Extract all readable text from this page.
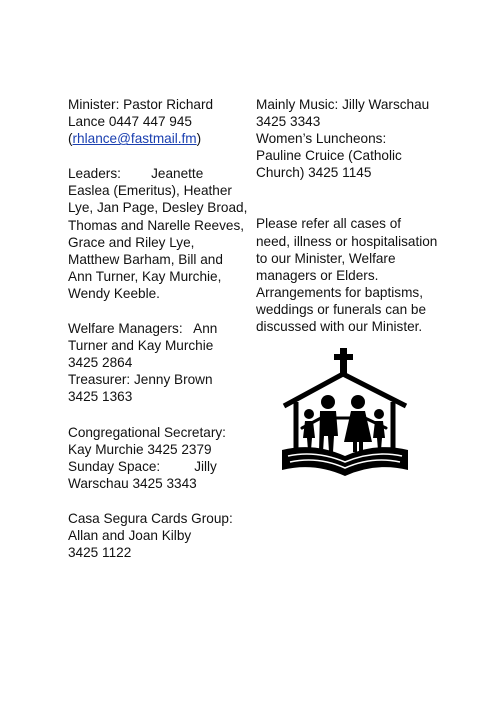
Minister: Pastor Richard
Lance 0447 447 945
(rhlance@fastmail.fm)
Leaders:        Jeanette
Easlea (Emeritus), Heather
Lye, Jan Page, Desley Broad,
Thomas and Narelle Reeves,
Grace and Riley Lye,
Matthew Barham, Bill and
Ann Turner, Kay Murchie,
Wendy Keeble.
Welfare Managers:   Ann
Turner and Kay Murchie
3425 2864
Treasurer: Jenny Brown
3425 1363
Congregational Secretary:
Kay Murchie 3425 2379
Sunday Space:         Jilly
Warschau 3425 3343
Casa Segura Cards Group:
Allan and Joan Kilby
3425 1122
Mainly Music: Jilly Warschau
3425 3343
Women’s Luncheons:
Pauline Cruice (Catholic
Church) 3425 1145
Please refer all cases of
need, illness or hospitalisation
to our Minister, Welfare
managers or Elders.
Arrangements for baptisms,
weddings or funerals can be
discussed with our Minister.
